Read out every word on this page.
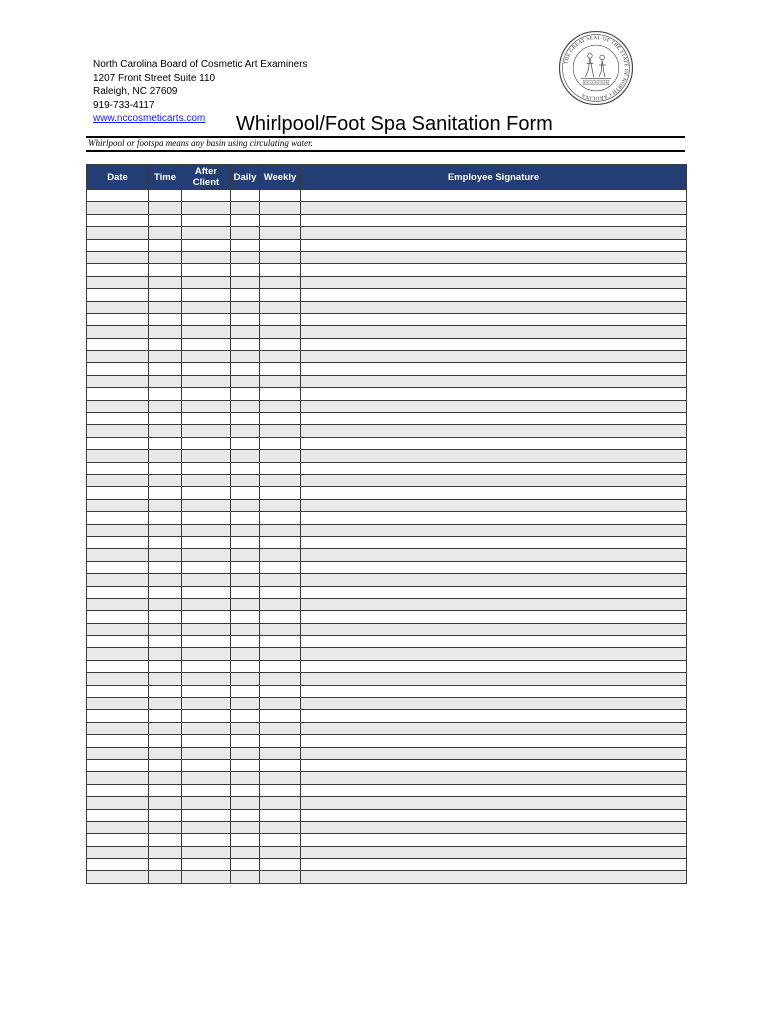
North Carolina Board of Cosmetic Art Examiners
1207 Front Street Suite 110
Raleigh, NC 27609
919-733-4117
www.nccosmeticarts.com
THE GREAT SEAL OF THE STATE OF NORTH CAROLINA
ESSE QUAM VIDERI
Whirlpool/Foot Spa Sanitation Form
Whirlpool or footspa means any basin using circulating water.
Date	Time	After Client	Daily	Weekly	Employee Signature
